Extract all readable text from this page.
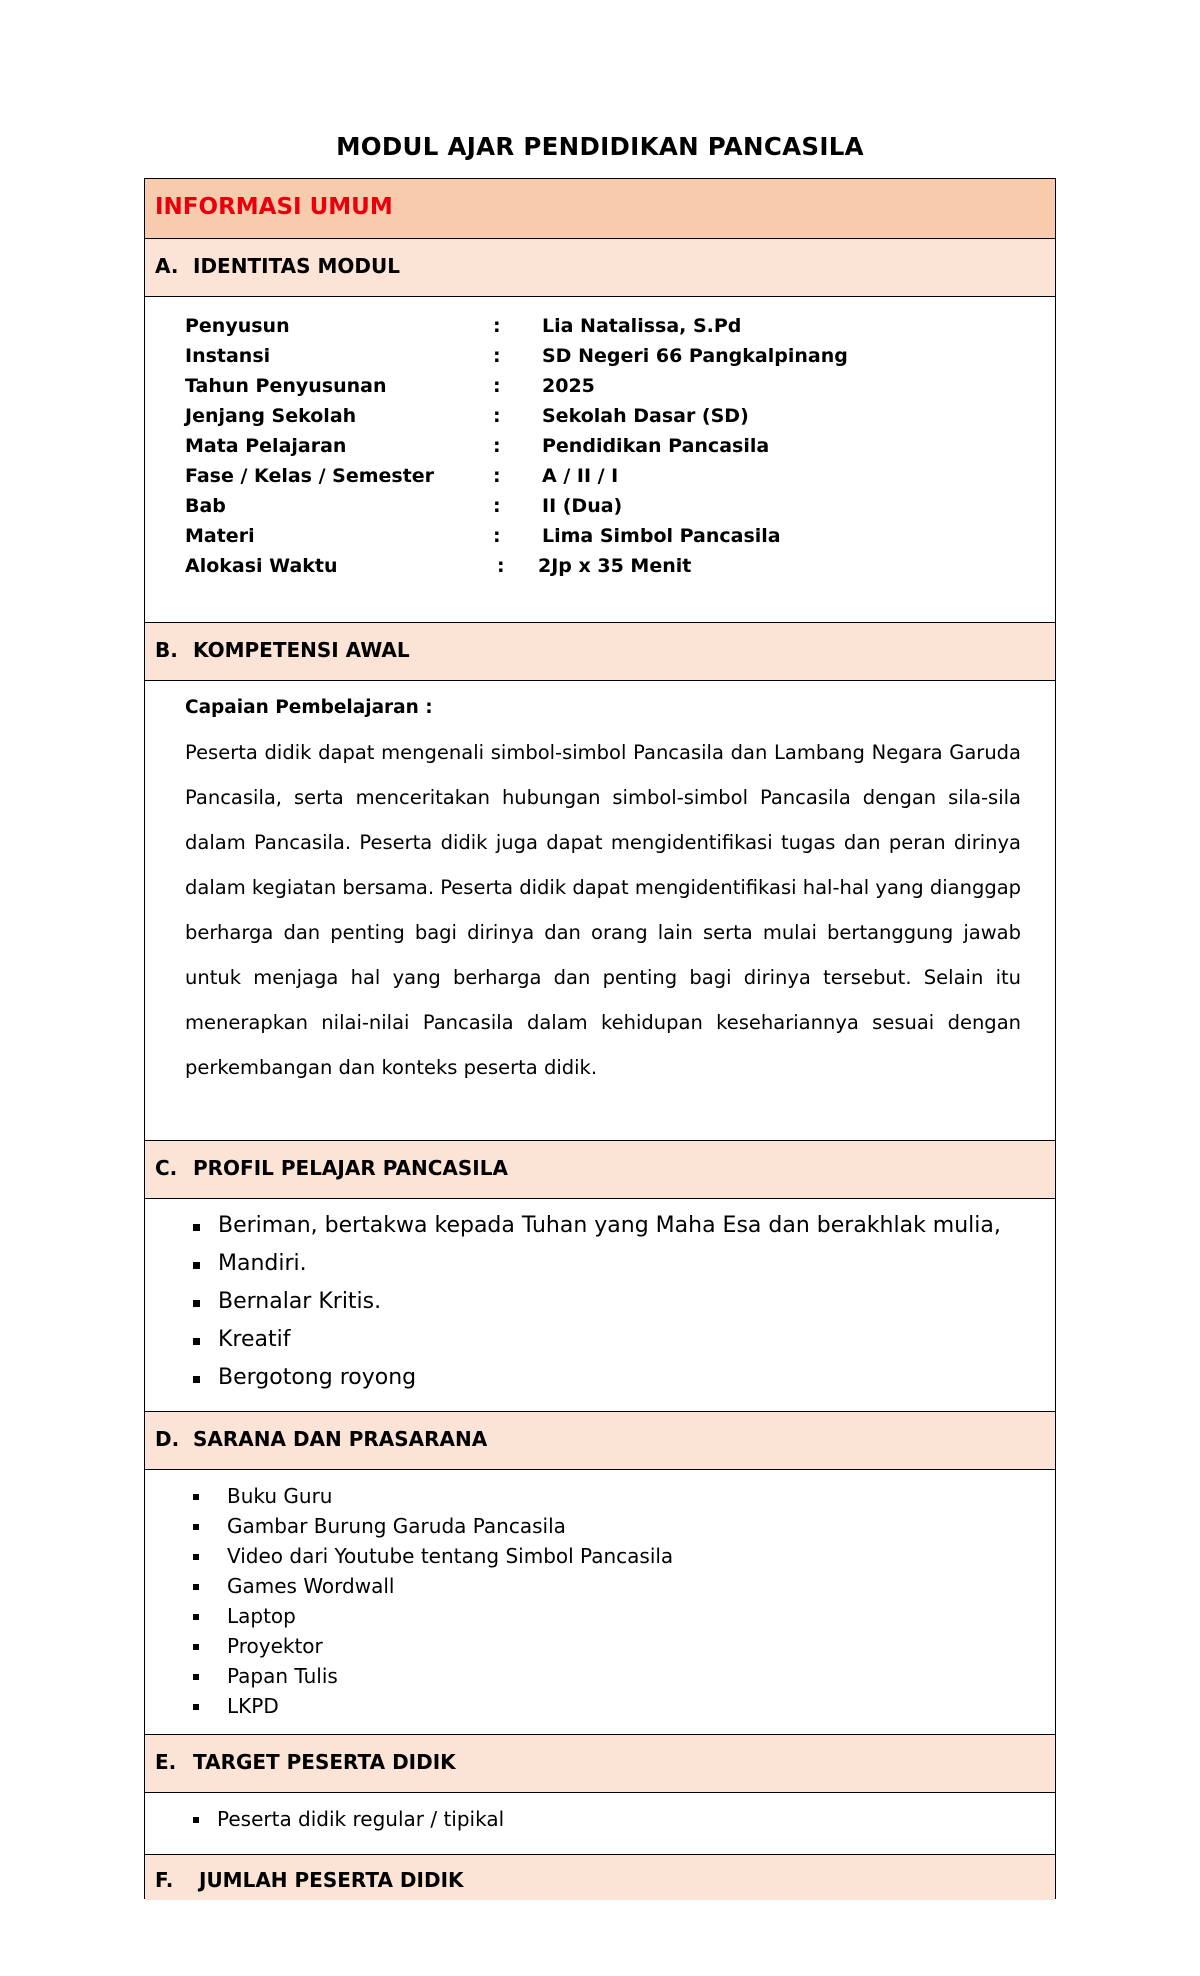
MODUL AJAR PENDIDIKAN PANCASILA
INFORMASI UMUM
A. IDENTITAS MODUL
Penyusun	: Lia Natalissa, S.Pd
Instansi	: SD Negeri 66 Pangkalpinang
Tahun Penyusunan	: 2025
Jenjang Sekolah	: Sekolah Dasar (SD)
Mata Pelajaran	: Pendidikan Pancasila
Fase / Kelas / Semester	: A / II / I
Bab	: II (Dua)
Materi	: Lima Simbol Pancasila
Alokasi Waktu	: 2Jp x 35 Menit
B. KOMPETENSI AWAL
Capaian Pembelajaran :
Peserta didik dapat mengenali simbol-simbol Pancasila dan Lambang Negara Garuda
Pancasila, serta menceritakan hubungan simbol-simbol Pancasila dengan sila-sila
dalam Pancasila. Peserta didik juga dapat mengidentifikasi tugas dan peran dirinya
dalam kegiatan bersama. Peserta didik dapat mengidentifikasi hal-hal yang dianggap
berharga dan penting bagi dirinya dan orang lain serta mulai bertanggung jawab
untuk menjaga hal yang berharga dan penting bagi dirinya tersebut. Selain itu
menerapkan nilai-nilai Pancasila dalam kehidupan kesehariannya sesuai dengan
perkembangan dan konteks peserta didik.
C. PROFIL PELAJAR PANCASILA
Beriman, bertakwa kepada Tuhan yang Maha Esa dan berakhlak mulia,
Mandiri.
Bernalar Kritis.
Kreatif
Bergotong royong
D. SARANA DAN PRASARANA
Buku Guru
Gambar Burung Garuda Pancasila
Video dari Youtube tentang Simbol Pancasila
Games Wordwall
Laptop
Proyektor
Papan Tulis
LKPD
E. TARGET PESERTA DIDIK
Peserta didik regular / tipikal
F. JUMLAH PESERTA DIDIK
